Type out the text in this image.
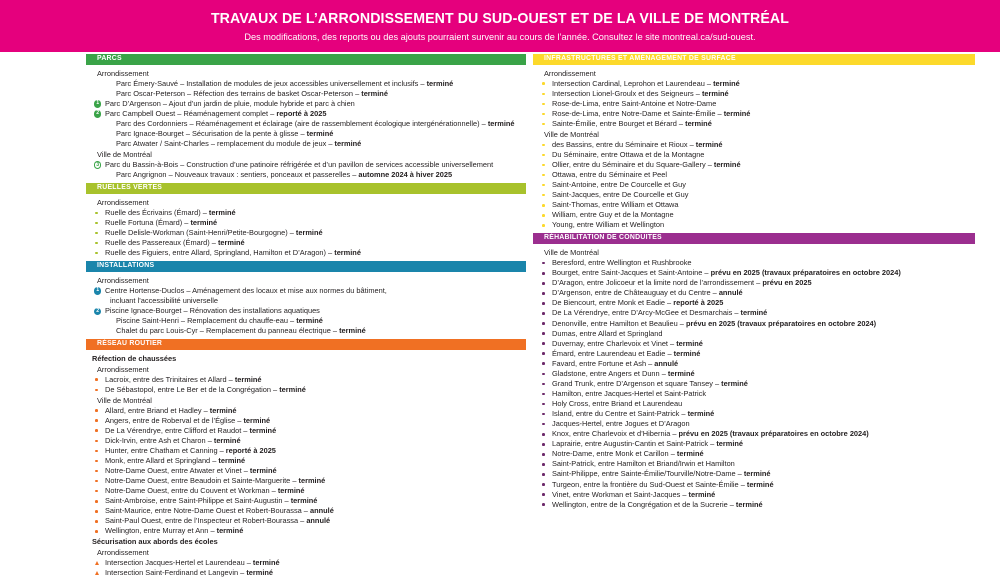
TRAVAUX DE L’ARRONDISSEMENT DU SUD-OUEST ET DE LA VILLE DE MONTRÉAL
Des modifications, des reports ou des ajouts pourraient survenir au cours de l’année. Consultez le site montreal.ca/sud-ouest.
PARCS
Arrondissement
Parc Émery-Sauvé – Installation de modules de jeux accessibles universellement et inclusifs – terminé
Parc Oscar-Peterson – Réfection des terrains de basket Oscar-Peterson – terminé
1 Parc D’Argenson – Ajout d’un jardin de pluie, module hybride et parc à chien
2 Parc Campbell Ouest – Réaménagement complet – reporté à 2025
Parc des Cordonniers – Réaménagement et éclairage (aire de rassemblement écologique intergénérationnelle) – terminé
Parc Ignace-Bourget – Sécurisation de la pente à glisse – terminé
Parc Atwater / Saint-Charles – remplacement du module de jeux – terminé
Ville de Montréal
3 Parc du Bassin-à-Bois – Construction d’une patinoire réfrigérée et d’un pavillon de services accessible universellement
Parc Angrignon – Nouveaux travaux : sentiers, ponceaux et passerelles – automne 2024 à hiver 2025
RUELLES VERTES
Arrondissement
Ruelle des Écrivains (Émard) – terminé
Ruelle Fortuna (Émard) – terminé
Ruelle Delisle-Workman (Saint-Henri/Petite-Bourgogne) – terminé
Ruelle des Passereaux (Émard) – terminé
Ruelle des Figuiers, entre Allard, Springland, Hamilton et D’Aragon) – terminé
INSTALLATIONS
Arrondissement
1 Centre Hortense-Duclos – Aménagement des locaux et mise aux normes du bâtiment,
incluant l’accessibilité universelle
2 Piscine Ignace-Bourget – Rénovation des installations aquatiques
Piscine Saint-Henri – Remplacement du chauffe-eau – terminé
Chalet du parc Louis-Cyr – Remplacement du panneau électrique – terminé
RÉSEAU ROUTIER
Réfection de chaussées
Arrondissement
Lacroix, entre des Trinitaires et Allard – terminé
De Sébastopol, entre Le Ber et de la Congrégation – terminé
Ville de Montréal
Allard, entre Briand et Hadley – terminé
Angers, entre de Roberval et de l’Église – terminé
De La Vérendrye, entre Clifford et Raudot – terminé
Dick-Irvin, entre Ash et Charon – terminé
Hunter, entre Chatham et Canning – reporté à 2025
Monk, entre Allard et Springland – terminé
Notre-Dame Ouest, entre Atwater et Vinet – terminé
Notre-Dame Ouest, entre Beaudoin et Sainte-Marguerite – terminé
Notre-Dame Ouest, entre du Couvent et Workman – terminé
Saint-Ambroise, entre Saint-Philippe et Saint-Augustin – terminé
Saint-Maurice, entre Notre-Dame Ouest et Robert-Bourassa – annulé
Saint-Paul Ouest, entre de l’Inspecteur et Robert-Bourassa – annulé
Wellington, entre Murray et Ann – terminé
Sécurisation aux abords des écoles
Arrondissement
Intersection Jacques-Hertel et Laurendeau – terminé
Intersection Saint-Ferdinand et Langevin – terminé
INFRASTRUCTURES ET AMÉNAGEMENT DE SURFACE
Arrondissement
Intersection Cardinal, Leprohon et Laurendeau – terminé
Intersection Lionel-Groulx et des Seigneurs – terminé
Rose-de-Lima, entre Saint-Antoine et Notre-Dame
Rose-de-Lima, entre Notre-Dame et Sainte-Émilie – terminé
Sainte-Émilie, entre Bourget et Bérard – terminé
Ville de Montréal
des Bassins, entre du Séminaire et Rioux – terminé
Du Séminaire, entre Ottawa et de la Montagne
Ollier, entre du Séminaire et du Square-Gallery – terminé
Ottawa, entre du Séminaire et Peel
Saint-Antoine, entre De Courcelle et Guy
Saint-Jacques, entre De Courcelle et Guy
Saint-Thomas, entre William et Ottawa
William, entre Guy et de la Montagne
Young, entre William et Wellington
RÉHABILITATION DE CONDUITES
Ville de Montréal
Beresford, entre Wellington et Rushbrooke
Bourget, entre Saint-Jacques et Saint-Antoine – prévu en 2025 (travaux préparatoires en octobre 2024)
D’Aragon, entre Jolicoeur et la limite nord de l’arrondissement – prévu en 2025
D’Argenson, entre de Châteauguay et du Centre – annulé
De Biencourt, entre Monk et Eadie – reporté à 2025
De La Vérendrye, entre D’Arcy-McGee et Desmarchais – terminé
Denonville, entre Hamilton et Beaulieu – prévu en 2025 (travaux préparatoires en octobre 2024)
Dumas, entre Allard et Springland
Duvernay, entre Charlevoix et Vinet – terminé
Émard, entre Laurendeau et Eadie – terminé
Favard, entre Fortune et Ash – annulé
Gladstone, entre Angers et Dunn – terminé
Grand Trunk, entre D’Argenson et square Tansey – terminé
Hamilton, entre Jacques-Hertel et Saint-Patrick
Holy Cross, entre Briand et Laurendeau
Island, entre du Centre et Saint-Patrick – terminé
Jacques-Hertel, entre Jogues et D’Aragon
Knox, entre Charlevoix et d’Hibernia – prévu en 2025 (travaux préparatoires en octobre 2024)
Laprairie, entre Augustin-Cantin et Saint-Patrick – terminé
Notre-Dame, entre Monk et Carillon – terminé
Saint-Patrick, entre Hamilton et Briand/Irwin et Hamilton
Saint-Philippe, entre Sainte-Émilie/Tourville/Notre-Dame – terminé
Turgeon, entre la frontière du Sud-Ouest et Sainte-Émilie – terminé
Vinet, entre Workman et Saint-Jacques – terminé
Wellington, entre de la Congrégation et de la Sucrerie – terminé
